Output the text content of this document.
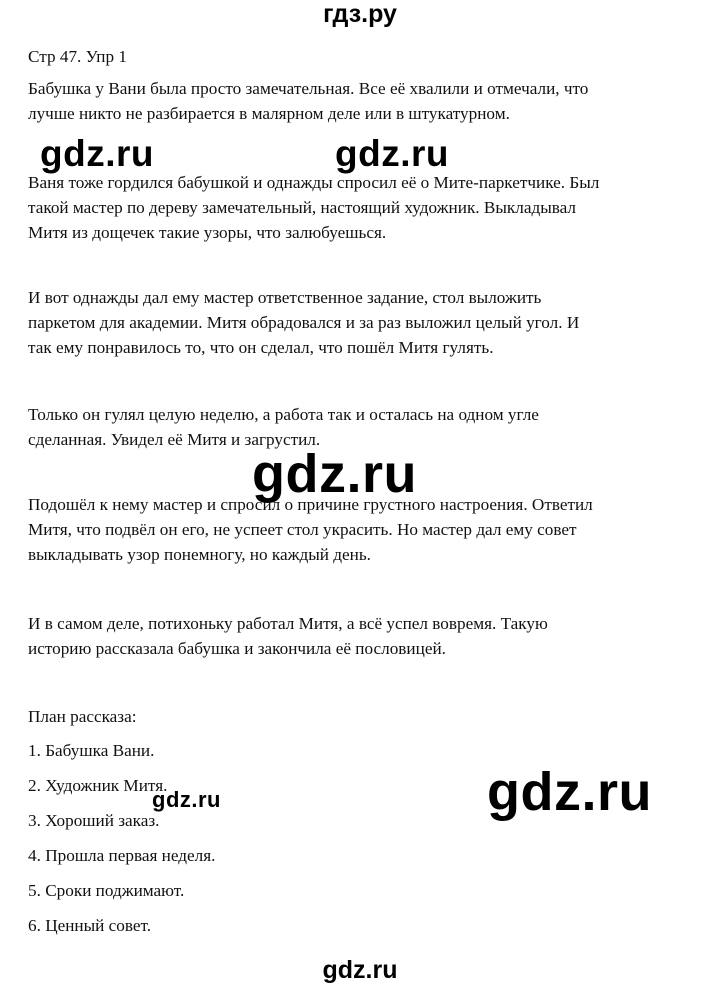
гдз.ру
Стр 47. Упр 1
Бабушка у Вани была просто замечательная. Все её хвалили и отмечали, что
лучше никто не разбирается в малярном деле или в штукатурном.
Ваня тоже гордился бабушкой и однажды спросил её о Мите-паркетчике. Был
такой мастер по дереву замечательный, настоящий художник. Выкладывал
Митя из дощечек такие узоры, что залюбуешься.
И вот однажды дал ему мастер ответственное задание, стол выложить
паркетом для академии. Митя обрадовался и за раз выложил целый угол. И
так ему понравилось то, что он сделал, что пошёл Митя гулять.
Только он гулял целую неделю, а работа так и осталась на одном угле
сделанная. Увидел её Митя и загрустил.
Подошёл к нему мастер и спросил о причине грустного настроения. Ответил
Митя, что подвёл он его, не успеет стол украсить. Но мастер дал ему совет
выкладывать узор понемногу, но каждый день.
И в самом деле, потихоньку работал Митя, а всё успел вовремя. Такую
историю рассказала бабушка и закончила её пословицей.
План рассказа:
1. Бабушка Вани.
2. Художник Митя.
3. Хороший заказ.
4. Прошла первая неделя.
5. Сроки поджимают.
6. Ценный совет.
gdz.ru	gdz.ru
gdz.ru
gdz.ru
gdz.ru
gdz.ru
